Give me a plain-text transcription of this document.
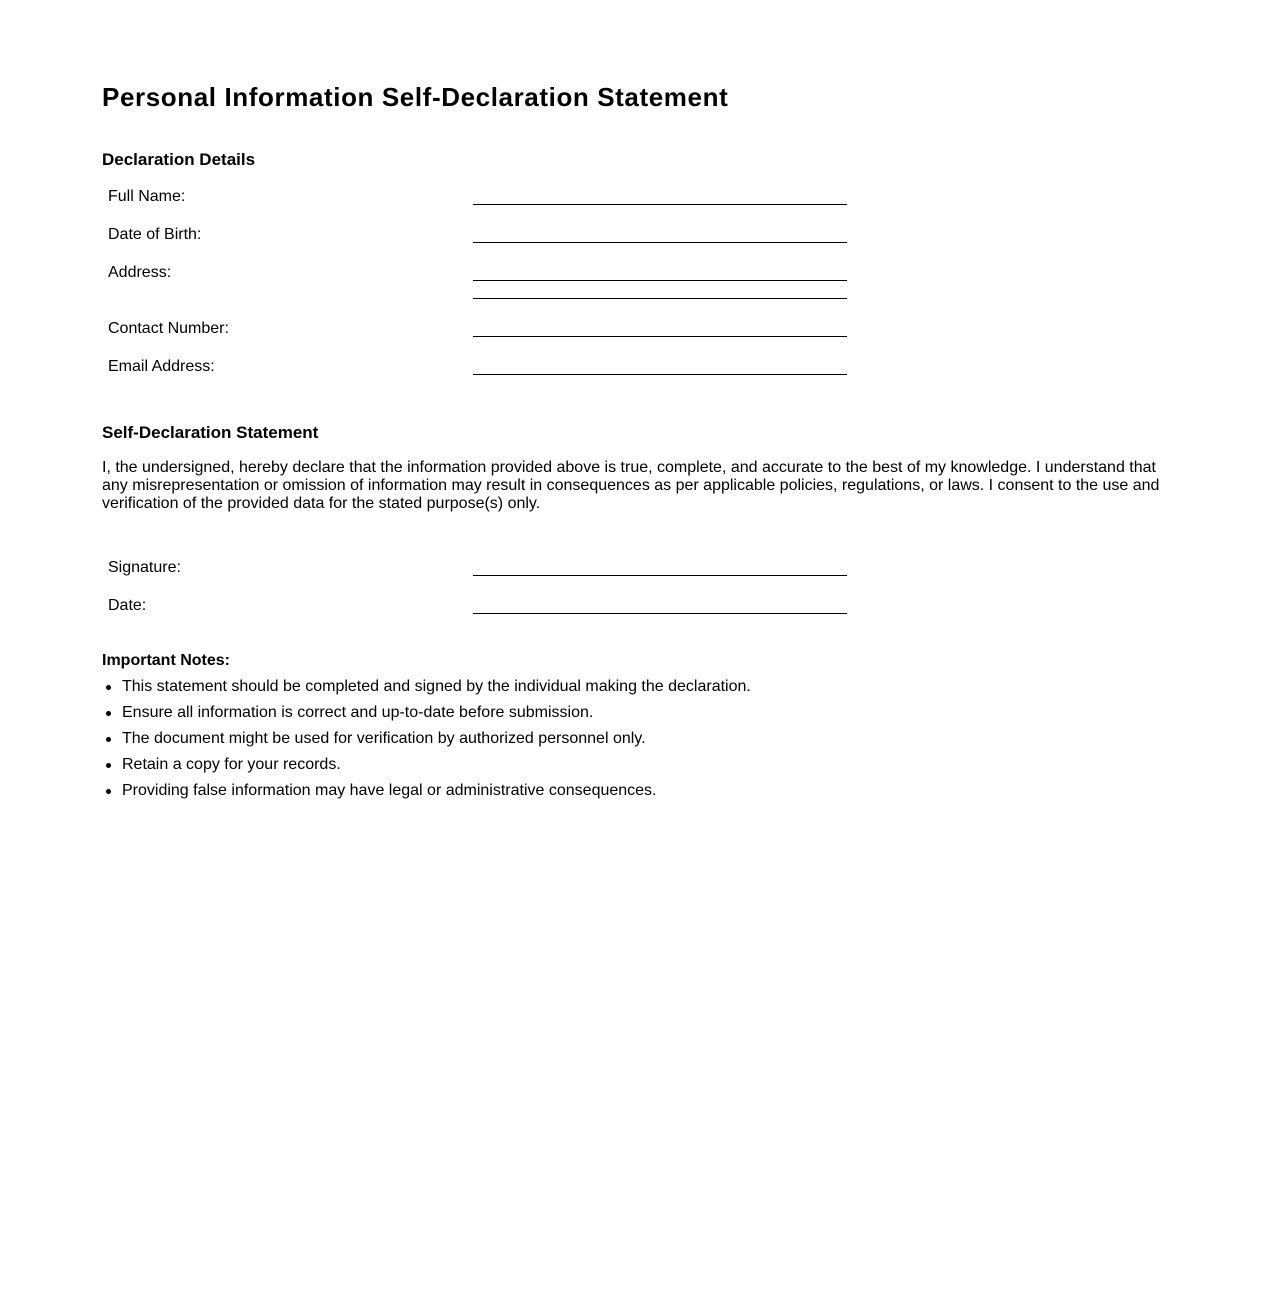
Personal Information Self-Declaration Statement
Declaration Details
Full Name:
Date of Birth:
Address:
Contact Number:
Email Address:
Self-Declaration Statement

I, the undersigned, hereby declare that the information provided above is true, complete, and accurate to the best of my knowledge. I understand that any misrepresentation or omission of information may result in consequences as per applicable policies, regulations, or laws. I consent to the use and verification of the provided data for the stated purpose(s) only.

Signature:
Date:
Important Notes:
This statement should be completed and signed by the individual making the declaration.
Ensure all information is correct and up-to-date before submission.
The document might be used for verification by authorized personnel only.
Retain a copy for your records.
Providing false information may have legal or administrative consequences.
